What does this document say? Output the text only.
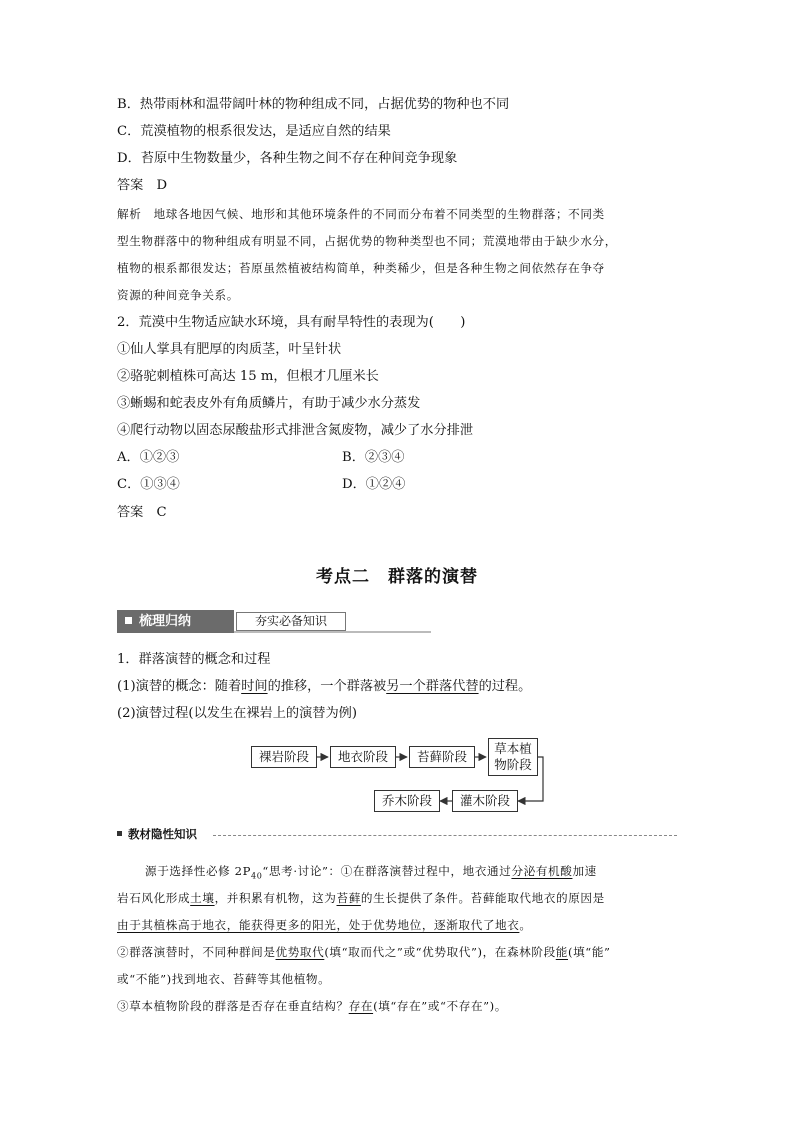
B．热带雨林和温带阔叶林的物种组成不同，占据优势的物种也不同
C．荒漠植物的根系很发达，是适应自然的结果
D．苔原中生物数量少，各种生物之间不存在种间竞争现象
答案　D
解析　地球各地因气候、地形和其他环境条件的不同而分布着不同类型的生物群落；不同类
型生物群落中的物种组成有明显不同，占据优势的物种类型也不同；荒漠地带由于缺少水分，
植物的根系都很发达；苔原虽然植被结构简单，种类稀少，但是各种生物之间依然存在争夺
资源的种间竞争关系。
2．荒漠中生物适应缺水环境，具有耐旱特性的表现为(　　)
①仙人掌具有肥厚的肉质茎，叶呈针状
②骆驼刺植株可高达 15 m，但根才几厘米长
③蜥蜴和蛇表皮外有角质鳞片，有助于减少水分蒸发
④爬行动物以固态尿酸盐形式排泄含氮废物，减少了水分排泄
A．①②③	B．②③④
C．①③④	D．①②④
答案　C
考点二　群落的演替
梳理归纳	夯实必备知识
1．群落演替的概念和过程
(1)演替的概念：随着时间的推移，一个群落被另一个群落代替的过程。
(2)演替过程(以发生在裸岩上的演替为例)
裸岩阶段	地衣阶段	苔藓阶段
草本植
物阶段
灌木阶段
乔木阶段
教材隐性知识
源于选择性必修 $2P_{40}“$思考·讨论”：①在群落演替过程中，地衣通过分泌有机酸加速
岩石风化形成土壤，并积累有机物，这为苔藓的生长提供了条件。苔藓能取代地衣的原因是
由于其植株高于地衣，能获得更多的阳光，处于优势地位，逐渐取代了地衣。
②群落演替时，不同种群间是优势取代(填“取而代之”或“优势取代”)，在森林阶段能(填“能”
或“不能”)找到地衣、苔藓等其他植物。
③草本植物阶段的群落是否存在垂直结构？存在(填“存在”或“不存在”)。
